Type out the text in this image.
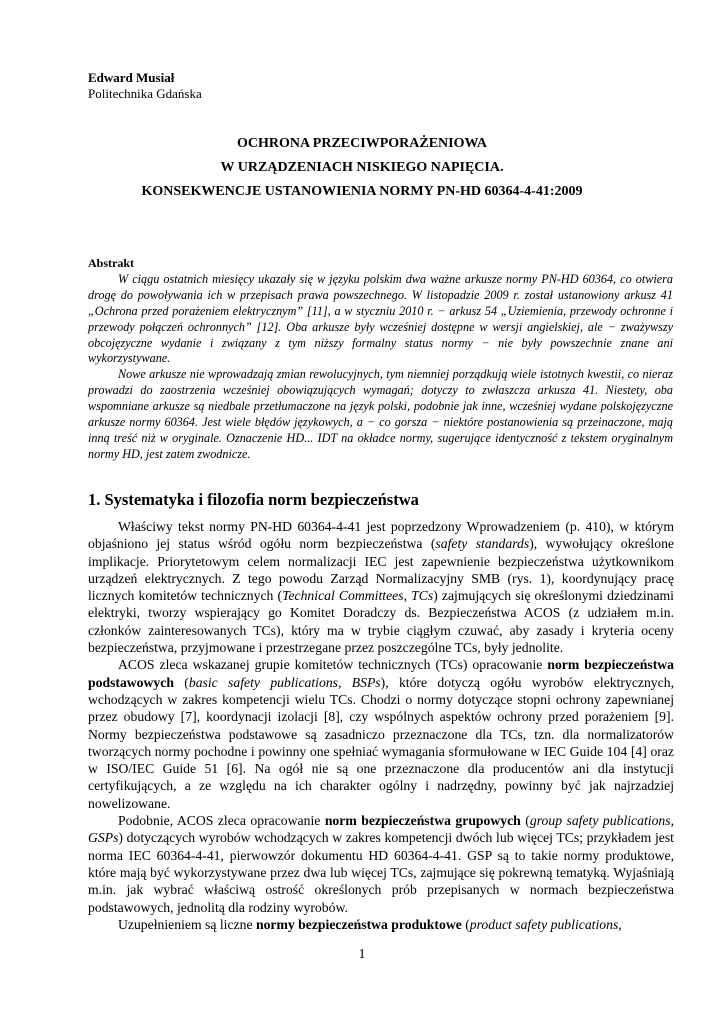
Edward Musiał
Politechnika Gdańska
OCHRONA PRZECIWPORAŻENIOWA
W URZĄDZENIACH NISKIEGO NAPIĘCIA.
KONSEKWENCJE USTANOWIENIA NORMY PN-HD 60364-4-41:2009
Abstrakt

W ciągu ostatnich miesięcy ukazały się w języku polskim dwa ważne arkusze normy PN-HD 60364, co otwiera drogę do powoływania ich w przepisach prawa powszechnego. W listopadzie 2009 r. został ustanowiony arkusz 41 „Ochrona przed porażeniem elektrycznym” [11], a w styczniu 2010 r. − arkusz 54 „Uziemienia, przewody ochronne i przewody połączeń ochronnych” [12]. Oba arkusze były wcześniej dostępne w wersji angielskiej, ale − zważywszy obcojęzyczne wydanie i związany z tym niższy formalny status normy − nie były powszechnie znane ani wykorzystywane.

Nowe arkusze nie wprowadzają zmian rewolucyjnych, tym niemniej porządkują wiele istotnych kwestii, co nieraz prowadzi do zaostrzenia wcześniej obowiązujących wymagań; dotyczy to zwłaszcza arkusza 41. Niestety, oba wspomniane arkusze są niedbale przetłumaczone na język polski, podobnie jak inne, wcześniej wydane polskojęzyczne arkusze normy 60364. Jest wiele błędów językowych, a − co gorsza − niektóre postanowienia są przeinaczone, mają inną treść niż w oryginale. Oznaczenie HD... IDT na okładce normy, sugerujące identyczność z tekstem oryginalnym normy HD, jest zatem zwodnicze.

1. Systematyka i filozofia norm bezpieczeństwa

Właściwy tekst normy PN-HD 60364-4-41 jest poprzedzony Wprowadzeniem (p. 410), w którym objaśniono jej status wśród ogółu norm bezpieczeństwa (safety standards), wywołujący określone implikacje. Priorytetowym celem normalizacji IEC jest zapewnienie bezpieczeństwa użytkownikom urządzeń elektrycznych. Z tego powodu Zarząd Normalizacyjny SMB (rys. 1), koordynujący pracę licznych komitetów technicznych (Technical Committees, TCs) zajmujących się określonymi dziedzinami elektryki, tworzy wspierający go Komitet Doradczy ds. Bezpieczeństwa ACOS (z udziałem m.in. członków zainteresowanych TCs), który ma w trybie ciągłym czuwać, aby zasady i kryteria oceny bezpieczeństwa, przyjmowane i przestrzegane przez poszczególne TCs, były jednolite.

ACOS zleca wskazanej grupie komitetów technicznych (TCs) opracowanie norm bezpieczeństwa podstawowych (basic safety publications, BSPs), które dotyczą ogółu wyrobów elektrycznych, wchodzących w zakres kompetencji wielu TCs. Chodzi o normy dotyczące stopni ochrony zapewnianej przez obudowy [7], koordynacji izolacji [8], czy wspólnych aspektów ochrony przed porażeniem [9]. Normy bezpieczeństwa podstawowe są zasadniczo przeznaczone dla TCs, tzn. dla normalizatorów tworzących normy pochodne i powinny one spełniać wymagania sformułowane w IEC Guide 104 [4] oraz w ISO/IEC Guide 51 [6]. Na ogół nie są one przeznaczone dla producentów ani dla instytucji certyfikujących, a ze względu na ich charakter ogólny i nadrzędny, powinny być jak najrzadziej nowelizowane.

Podobnie, ACOS zleca opracowanie norm bezpieczeństwa grupowych (group safety publications, GSPs) dotyczących wyrobów wchodzących w zakres kompetencji dwóch lub więcej TCs; przykładem jest norma IEC 60364-4-41, pierwowzór dokumentu HD 60364-4-41. GSP są to takie normy produktowe, które mają być wykorzystywane przez dwa lub więcej TCs, zajmujące się pokrewną tematyką. Wyjaśniają m.in. jak wybrać właściwą ostrość określonych prób przepisanych w normach bezpieczeństwa podstawowych, jednolitą dla rodziny wyrobów.

Uzupełnieniem są liczne normy bezpieczeństwa produktowe (product safety publications,

1
